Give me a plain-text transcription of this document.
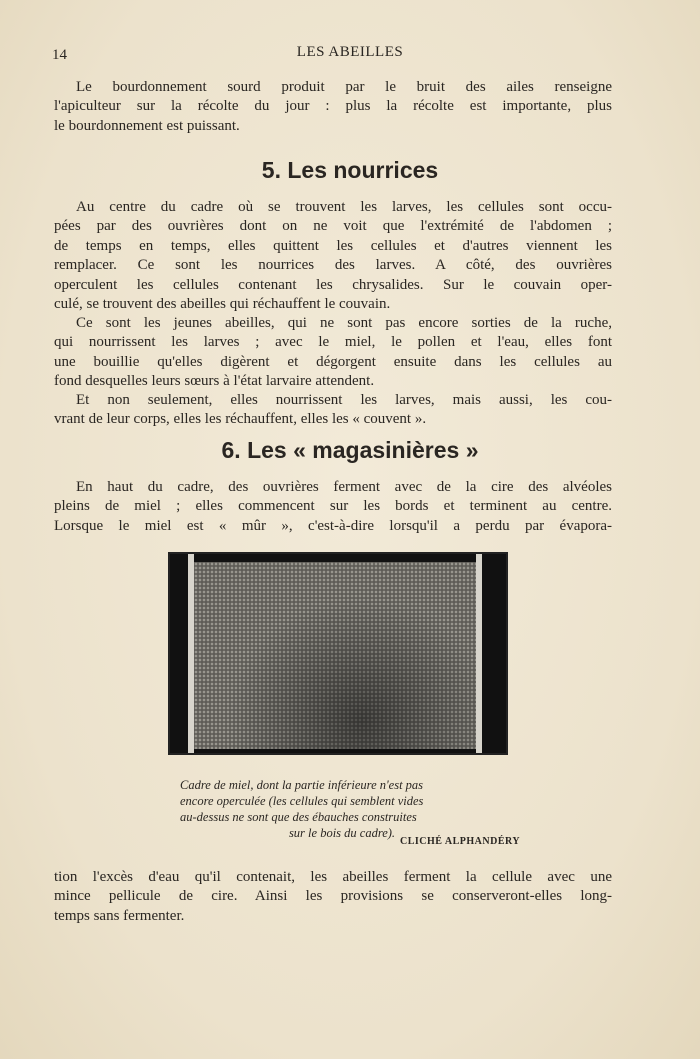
14	LES ABEILLES
Le bourdonnement sourd produit par le bruit des ailes renseigne
l'apiculteur sur la récolte du jour : plus la récolte est importante, plus
le bourdonnement est puissant.
5. Les nourrices
Au centre du cadre où se trouvent les larves, les cellules sont occu-
pées par des ouvrières dont on ne voit que l'extrémité de l'abdomen ;
de temps en temps, elles quittent les cellules et d'autres viennent les
remplacer. Ce sont les nourrices des larves. A côté, des ouvrières
operculent les cellules contenant les chrysalides. Sur le couvain oper-
culé, se trouvent des abeilles qui réchauffent le couvain.
Ce sont les jeunes abeilles, qui ne sont pas encore sorties de la ruche,
qui nourrissent les larves ; avec le miel, le pollen et l'eau, elles font
une bouillie qu'elles digèrent et dégorgent ensuite dans les cellules au
fond desquelles leurs sœurs à l'état larvaire attendent.
Et non seulement, elles nourrissent les larves, mais aussi, les cou-
vrant de leur corps, elles les réchauffent, elles les « couvent ».
6. Les « magasinières »
En haut du cadre, des ouvrières ferment avec de la cire des alvéoles
pleins de miel ; elles commencent sur les bords et terminent au centre.
Lorsque le miel est « mûr », c'est-à-dire lorsqu'il a perdu par évapora-
Cadre de miel, dont la partie inférieure n'est pas
encore operculée (les cellules qui semblent vides
au-dessus ne sont que des ébauches construites
sur le bois du cadre).
CLICHÉ ALPHANDÉRY
tion l'excès d'eau qu'il contenait, les abeilles ferment la cellule avec une
mince pellicule de cire. Ainsi les provisions se conserveront-elles long-
temps sans fermenter.
